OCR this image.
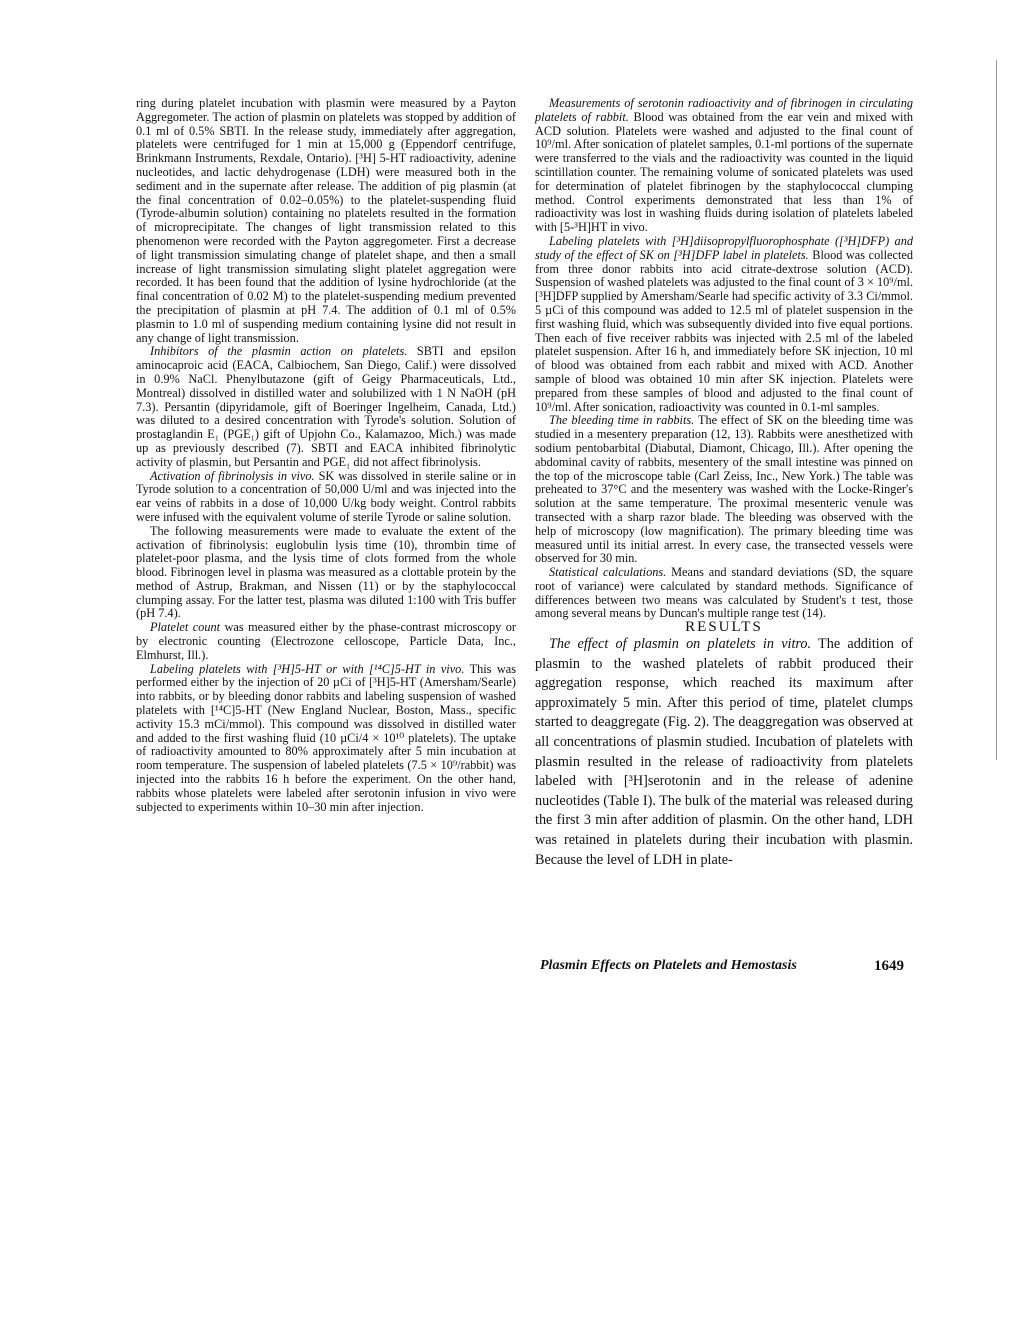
ring during platelet incubation with plasmin were measured by a Payton Aggregometer. The action of plasmin on platelets was stopped by addition of 0.1 ml of 0.5% SBTI. In the release study, immediately after aggregation, platelets were centrifuged for 1 min at 15,000 g (Eppendorf centrifuge, Brinkmann Instruments, Rexdale, Ontario). [³H] 5-HT radioactivity, adenine nucleotides, and lactic dehydrogenase (LDH) were measured both in the sediment and in the supernate after release. The addition of pig plasmin (at the final concentration of 0.02–0.05%) to the platelet-suspending fluid (Tyrode-albumin solution) containing no platelets resulted in the formation of microprecipitate. The changes of light transmission related to this phenomenon were recorded with the Payton aggregometer. First a decrease of light transmission simulating change of platelet shape, and then a small increase of light transmission simulating slight platelet aggregation were recorded. It has been found that the addition of lysine hydrochloride (at the final concentration of 0.02 M) to the platelet-suspending medium prevented the precipitation of plasmin at pH 7.4. The addition of 0.1 ml of 0.5% plasmin to 1.0 ml of suspending medium containing lysine did not result in any change of light transmission.

Inhibitors of the plasmin action on platelets. SBTI and epsilon aminocaproic acid (EACA, Calbiochem, San Diego, Calif.) were dissolved in 0.9% NaCl. Phenylbutazone (gift of Geigy Pharmaceuticals, Ltd., Montreal) dissolved in distilled water and solubilized with 1 N NaOH (pH 7.3). Persantin (dipyridamole, gift of Boeringer Ingelheim, Canada, Ltd.) was diluted to a desired concentration with Tyrode's solution. Solution of prostaglandin E₁ (PGE₁) gift of Upjohn Co., Kalamazoo, Mich.) was made up as previously described (7). SBTI and EACA inhibited fibrinolytic activity of plasmin, but Persantin and PGE₁ did not affect fibrinolysis.

Activation of fibrinolysis in vivo. SK was dissolved in sterile saline or in Tyrode solution to a concentration of 50,000 U/ml and was injected into the ear veins of rabbits in a dose of 10,000 U/kg body weight. Control rabbits were infused with the equivalent volume of sterile Tyrode or saline solution.

The following measurements were made to evaluate the extent of the activation of fibrinolysis: euglobulin lysis time (10), thrombin time of platelet-poor plasma, and the lysis time of clots formed from the whole blood. Fibrinogen level in plasma was measured as a clottable protein by the method of Astrup, Brakman, and Nissen (11) or by the staphylococcal clumping assay. For the latter test, plasma was diluted 1:100 with Tris buffer (pH 7.4).

Platelet count was measured either by the phase-contrast microscopy or by electronic counting (Electrozone celloscope, Particle Data, Inc., Elmhurst, Ill.).

Labeling platelets with [³H]5-HT or with [¹⁴C]5-HT in vivo. This was performed either by the injection of 20 µCi of [³H]5-HT (Amersham/Searle) into rabbits, or by bleeding donor rabbits and labeling suspension of washed platelets with [¹⁴C]5-HT (New England Nuclear, Boston, Mass., specific activity 15.3 mCi/mmol). This compound was dissolved in distilled water and added to the first washing fluid (10 µCi/4 × 10¹⁰ platelets). The uptake of radioactivity amounted to 80% approximately after 5 min incubation at room temperature. The suspension of labeled platelets (7.5 × 10⁹/rabbit) was injected into the rabbits 16 h before the experiment. On the other hand, rabbits whose platelets were labeled after serotonin infusion in vivo were subjected to experiments within 10–30 min after injection.

Measurements of serotonin radioactivity and of fibrinogen in circulating platelets of rabbit. Blood was obtained from the ear vein and mixed with ACD solution. Platelets were washed and adjusted to the final count of 10⁹/ml. After sonication of platelet samples, 0.1-ml portions of the supernate were transferred to the vials and the radioactivity was counted in the liquid scintillation counter. The remaining volume of sonicated platelets was used for determination of platelet fibrinogen by the staphylococcal clumping method. Control experiments demonstrated that less than 1% of radioactivity was lost in washing fluids during isolation of platelets labeled with [5-³H]HT in vivo.

Labeling platelets with [³H]diisopropylfluorophosphate ([³H]DFP) and study of the effect of SK on [³H]DFP label in platelets. Blood was collected from three donor rabbits into acid citrate-dextrose solution (ACD). Suspension of washed platelets was adjusted to the final count of 3 × 10⁹/ml. [³H]DFP supplied by Amersham/Searle had specific activity of 3.3 Ci/mmol. 5 µCi of this compound was added to 12.5 ml of platelet suspension in the first washing fluid, which was subsequently divided into five equal portions. Then each of five receiver rabbits was injected with 2.5 ml of the labeled platelet suspension. After 16 h, and immediately before SK injection, 10 ml of blood was obtained from each rabbit and mixed with ACD. Another sample of blood was obtained 10 min after SK injection. Platelets were prepared from these samples of blood and adjusted to the final count of 10⁹/ml. After sonication, radioactivity was counted in 0.1-ml samples.

The bleeding time in rabbits. The effect of SK on the bleeding time was studied in a mesentery preparation (12, 13). Rabbits were anesthetized with sodium pentobarbital (Diabutal, Diamont, Chicago, Ill.). After opening the abdominal cavity of rabbits, mesentery of the small intestine was pinned on the top of the microscope table (Carl Zeiss, Inc., New York.) The table was preheated to 37°C and the mesentery was washed with the Locke-Ringer's solution at the same temperature. The proximal mesenteric venule was transected with a sharp razor blade. The bleeding was observed with the help of microscopy (low magnification). The primary bleeding time was measured until its initial arrest. In every case, the transected vessels were observed for 30 min.

Statistical calculations. Means and standard deviations (SD, the square root of variance) were calculated by standard methods. Significance of differences between two means was calculated by Student's t test, those among several means by Duncan's multiple range test (14).

RESULTS

The effect of plasmin on platelets in vitro. The addition of plasmin to the washed platelets of rabbit produced their aggregation response, which reached its maximum after approximately 5 min. After this period of time, platelet clumps started to deaggregate (Fig. 2). The deaggregation was observed at all concentrations of plasmin studied. Incubation of platelets with plasmin resulted in the release of radioactivity from platelets labeled with [³H]serotonin and in the release of adenine nucleotides (Table I). The bulk of the material was released during the first 3 min after addition of plasmin. On the other hand, LDH was retained in platelets during their incubation with plasmin. Because the level of LDH in plate-

Plasmin Effects on Platelets and Hemostasis	1649
